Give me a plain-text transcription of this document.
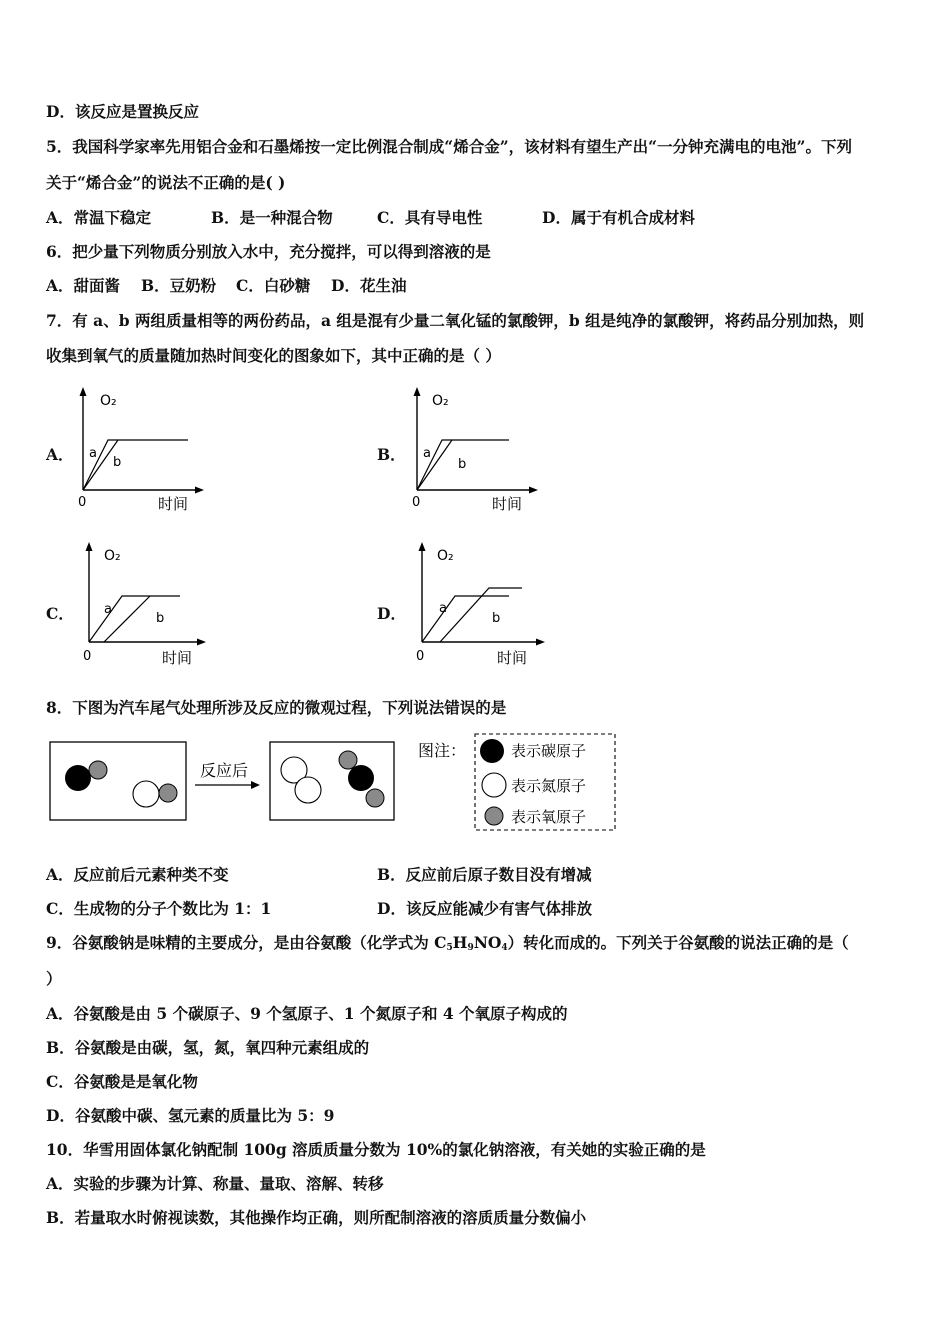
D．该反应是置换反应
5．我国科学家率先用铝合金和石墨烯按一定比例混合制成“烯合金”，该材料有望生产出“一分钟充满电的电池”。下列
关于“烯合金”的说法不正确的是( )
A．常温下稳定	B．是一种混合物	C．具有导电性	D．属于有机合成材料
6．把少量下列物质分别放入水中，充分搅拌，可以得到溶液的是
A．甜面酱 B．豆奶粉 C．白砂糖 D．花生油
7．有 a、b 两组质量相等的两份药品，a 组是混有少量二氧化锰的氯酸钾，b 组是纯净的氯酸钾，将药品分别加热，则
收集到氧气的质量随加热时间变化的图象如下，其中正确的是（ ）
A．	B．
C．	D．
O₂
a
b
0	时间
O₂
a
b
0	时间
O₂
a
b
0	时间
O₂
a
b
0	时间
8．下图为汽车尾气处理所涉及反应的微观过程，下列说法错误的是
反应后
图注：	表示碳原子
表示氮原子
表示氧原子
A．反应前后元素种类不变	B．反应前后原子数目没有增减
C．生成物的分子个数比为 1：1	D．该反应能减少有害气体排放
9．谷氨酸钠是味精的主要成分，是由谷氨酸（化学式为 $C_5H_9NO_4$）转化而成的。下列关于谷氨酸的说法正确的是（
）
A．谷氨酸是由 5 个碳原子、9 个氢原子、1 个氮原子和 4 个氧原子构成的
B．谷氨酸是由碳，氢，氮，氧四种元素组成的
C．谷氨酸是是氧化物
D．谷氨酸中碳、氢元素的质量比为 5：9
10．华雪用固体氯化钠配制 100g 溶质质量分数为 10%的氯化钠溶液，有关她的实验正确的是
A．实验的步骤为计算、称量、量取、溶解、转移
B．若量取水时俯视读数，其他操作均正确，则所配制溶液的溶质质量分数偏小
